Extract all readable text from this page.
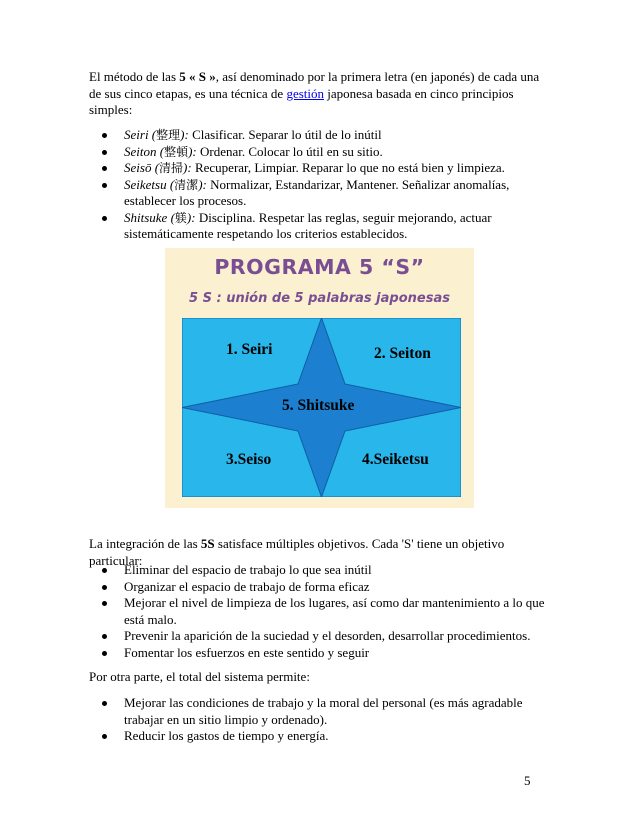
El método de las 5 « S », así denominado por la primera letra (en japonés) de cada una de sus cinco etapas, es una técnica de gestión japonesa basada en cinco principios simples:

Seiri (整理): Clasificar. Separar lo útil de lo inútil
Seiton (整頓): Ordenar. Colocar lo útil en su sitio.
Seisō (清掃): Recuperar, Limpiar. Reparar lo que no está bien y limpieza.
Seiketsu (清潔): Normalizar, Estandarizar, Mantener. Señalizar anomalías, establecer los procesos.
Shitsuke (躾): Disciplina. Respetar las reglas, seguir mejorando, actuar sistemáticamente respetando los criterios establecidos.
PROGRAMA 5 “S”
5 S : unión de 5 palabras japonesas
1. Seiri	2. Seiton
5. Shitsuke
3.Seiso	4.Seiketsu

La integración de las 5S satisface múltiples objetivos. Cada 'S' tiene un objetivo particular:

Eliminar del espacio de trabajo lo que sea inútil
Organizar el espacio de trabajo de forma eficaz
Mejorar el nivel de limpieza de los lugares, así como dar mantenimiento a lo que está malo.
Prevenir la aparición de la suciedad y el desorden, desarrollar procedimientos.
Fomentar los esfuerzos en este sentido y seguir

Por otra parte, el total del sistema permite:

Mejorar las condiciones de trabajo y la moral del personal (es más agradable trabajar en un sitio limpio y ordenado).
Reducir los gastos de tiempo y energía.
5
